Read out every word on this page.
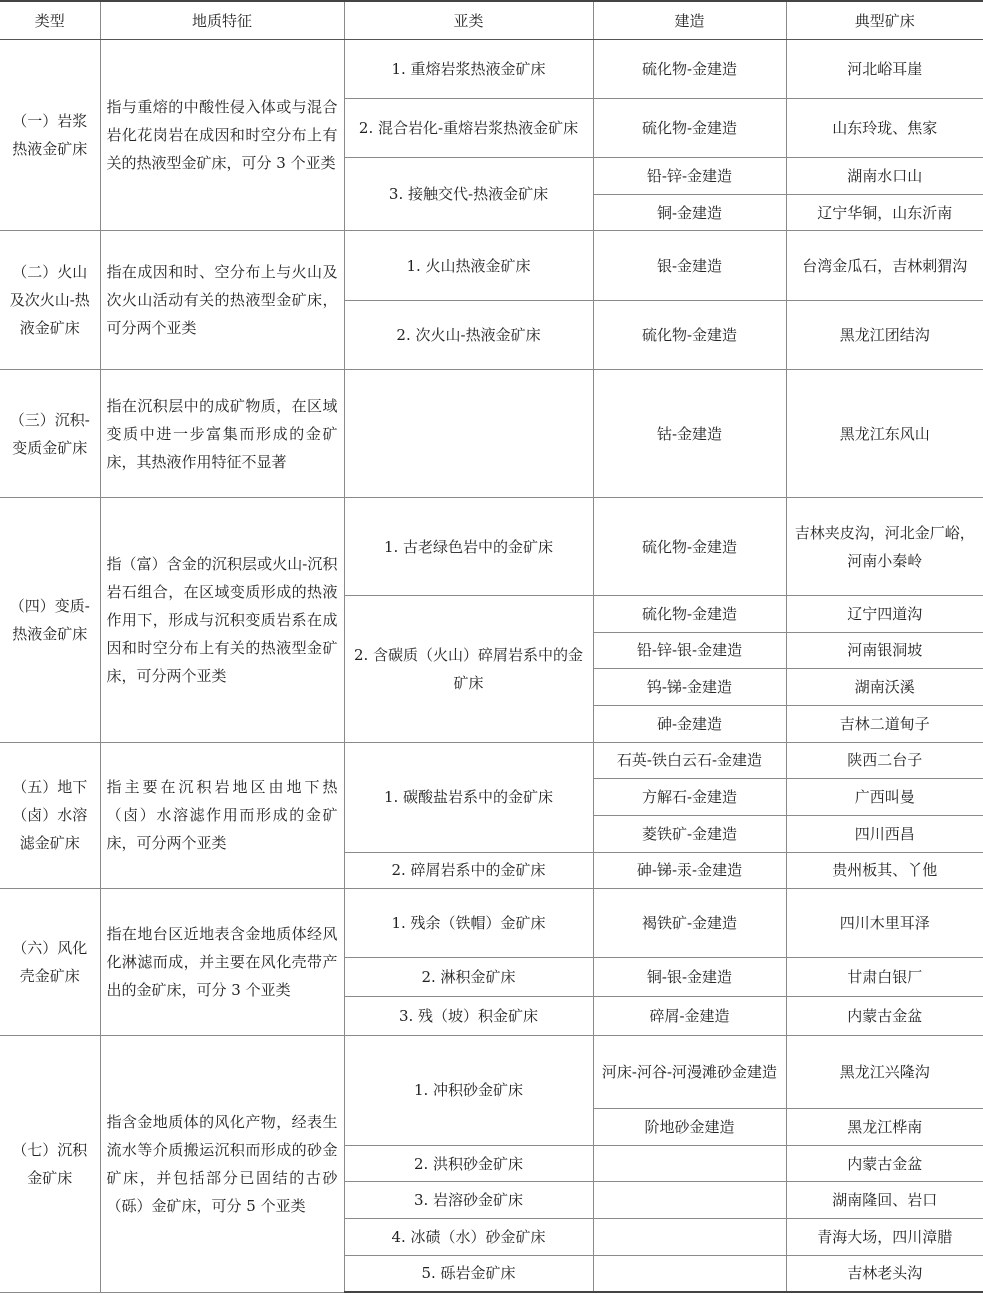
类型	地质特征	亚类	建造	典型矿床
（一）岩浆热液金矿床	指与重熔的中酸性侵入体或与混合岩化花岗岩在成因和时空分布上有关的热液型金矿床，可分 3 个亚类	1. 重熔岩浆热液金矿床	硫化物-金建造	河北峪耳崖
		2. 混合岩化-重熔岩浆热液金矿床	硫化物-金建造	山东玲珑、焦家
		3. 接触交代-热液金矿床	铅-锌-金建造	湖南水口山
			铜-金建造	辽宁华铜，山东沂南
（二）火山及次火山-热液金矿床	指在成因和时、空分布上与火山及次火山活动有关的热液型金矿床，可分两个亚类	1. 火山热液金矿床	银-金建造	台湾金瓜石，吉林刺猬沟
		2. 次火山-热液金矿床	硫化物-金建造	黑龙江团结沟
（三）沉积-变质金矿床	指在沉积层中的成矿物质，在区域变质中进一步富集而形成的金矿床，其热液作用特征不显著		钴-金建造	黑龙江东风山
（四）变质-热液金矿床	指（富）含金的沉积层或火山-沉积岩石组合，在区域变质形成的热液作用下，形成与沉积变质岩系在成因和时空分布上有关的热液型金矿床，可分两个亚类	1. 古老绿色岩中的金矿床	硫化物-金建造	吉林夹皮沟，河北金厂峪，河南小秦岭
		2. 含碳质（火山）碎屑岩系中的金矿床	硫化物-金建造	辽宁四道沟
			铅-锌-银-金建造	河南银洞坡
			钨-锑-金建造	湖南沃溪
			砷-金建造	吉林二道甸子
（五）地下（卤）水溶滤金矿床	指主要在沉积岩地区由地下热（卤）水溶滤作用而形成的金矿床，可分两个亚类	1. 碳酸盐岩系中的金矿床	石英-铁白云石-金建造	陕西二台子
			方解石-金建造	广西叫曼
			菱铁矿-金建造	四川西昌
		2. 碎屑岩系中的金矿床	砷-锑-汞-金建造	贵州板其、丫他
（六）风化壳金矿床	指在地台区近地表含金地质体经风化淋滤而成，并主要在风化壳带产出的金矿床，可分 3 个亚类	1. 残余（铁帽）金矿床	褐铁矿-金建造	四川木里耳泽
		2. 淋积金矿床	铜-银-金建造	甘肃白银厂
		3. 残（坡）积金矿床	碎屑-金建造	内蒙古金盆
（七）沉积金矿床	指含金地质体的风化产物，经表生流水等介质搬运沉积而形成的砂金矿床，并包括部分已固结的古砂（砾）金矿床，可分 5 个亚类	1. 冲积砂金矿床	河床-河谷-河漫滩砂金建造	黑龙江兴隆沟
			阶地砂金建造	黑龙江桦南
		2. 洪积砂金矿床		内蒙古金盆
		3. 岩溶砂金矿床		湖南隆回、岩口
		4. 冰碛（水）砂金矿床		青海大场，四川漳腊
		5. 砾岩金矿床		吉林老头沟
